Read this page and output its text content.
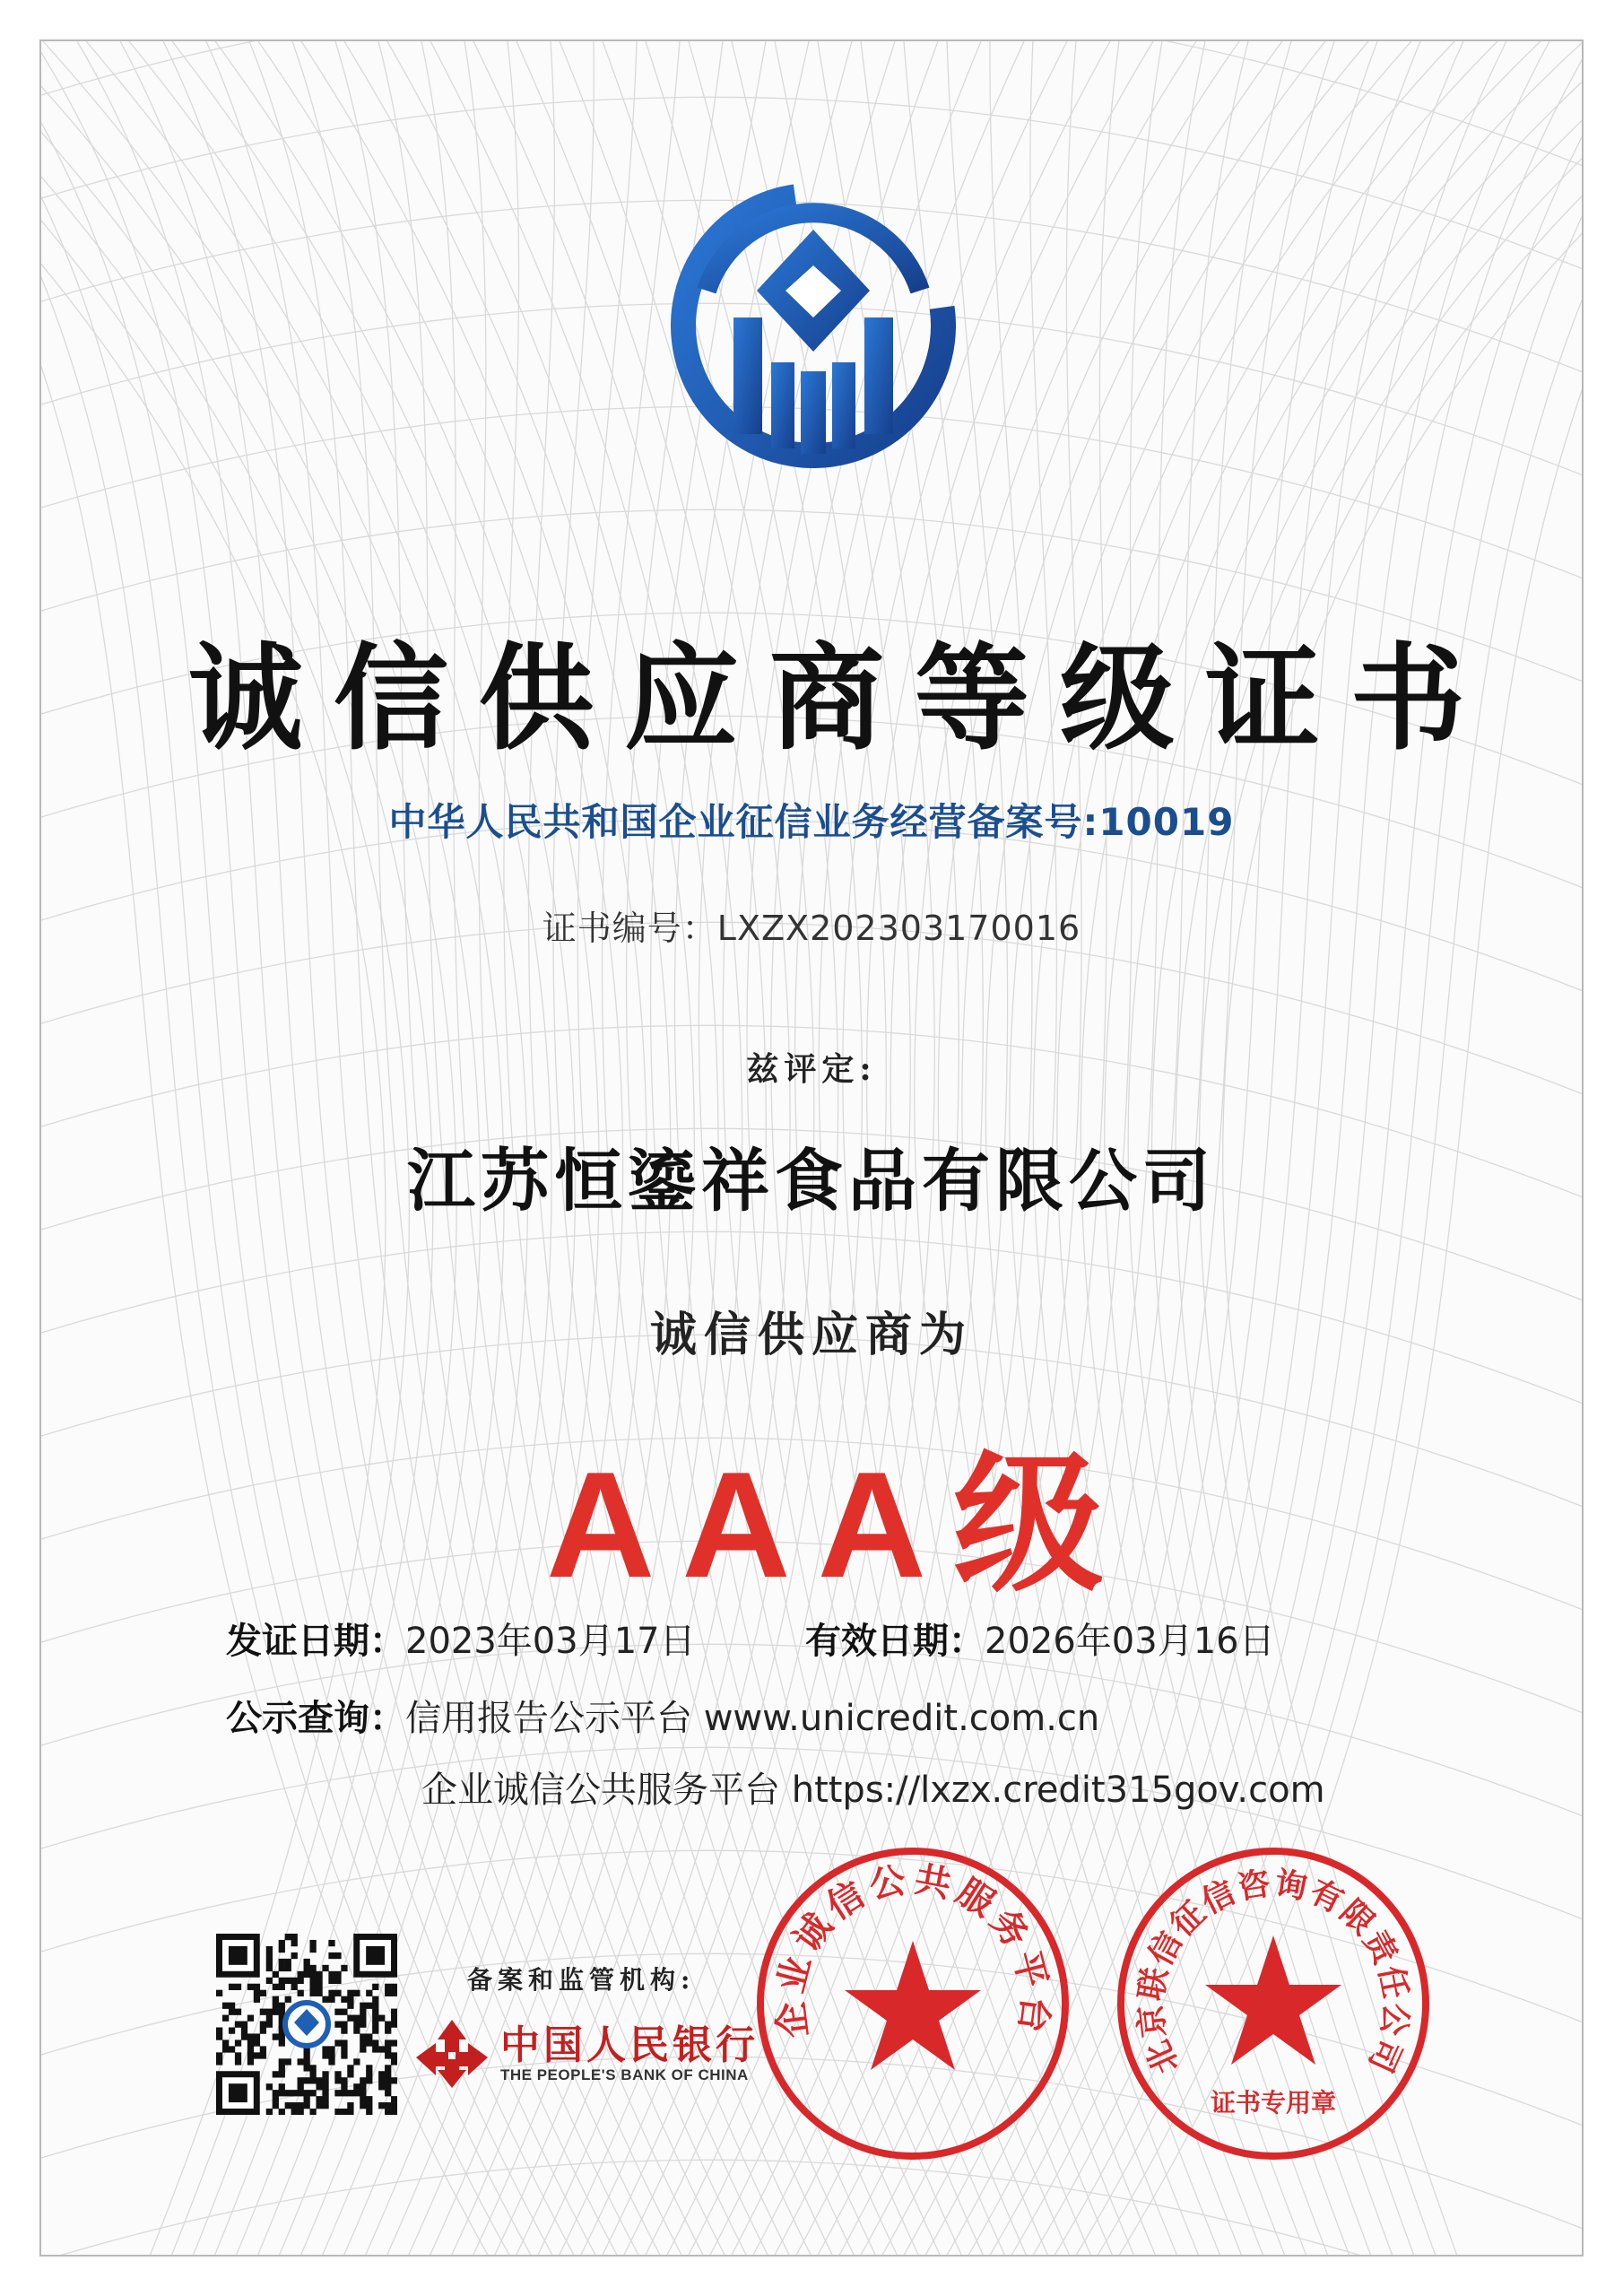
诚信供应商等级证书
中华人民共和国企业征信业务经营备案号:10019
证书编号：LXZX202303170016
兹评定:
江苏恒鎏祥食品有限公司
诚信供应商为
AAA级
发证日期：2023年03月17日	有效日期：2026年03月16日
公示查询：信用报告公示平台 www.unicredit.com.cn
企业诚信公共服务平台 https://lxzx.credit315gov.com
备案和监管机构:
中国人民银行
THE PEOPLE'S BANK OF CHINA
企业诚信公共服务平台
北京联信征信咨询有限责任公司
证书专用章
